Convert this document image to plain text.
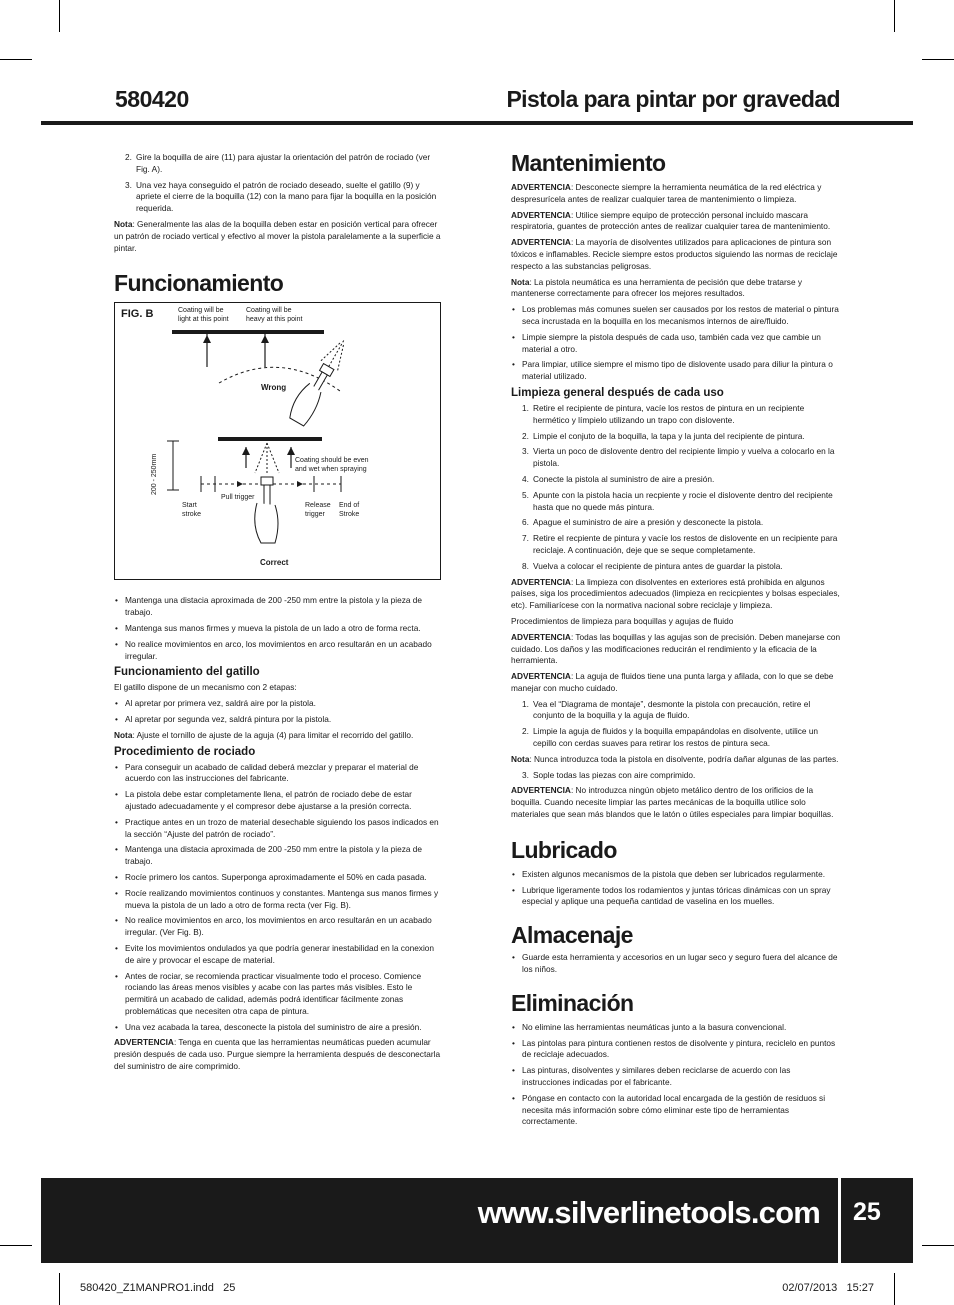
580420	Pistola para pintar por gravedad
2. Gire la boquilla de aire (11) para ajustar la orientación del patrón de rociado (ver Fig. A).
3. Una vez haya conseguido el patrón de rociado deseado, suelte el gatillo (9) y apriete el cierre de la boquilla (12) con la mano para fijar la boquilla en la posición requerida.

Nota: Generalmente las alas de la boquilla deben estar en posición vertical para ofrecer un patrón de rociado vertical y efectivo al mover la pistola paralelamente a la superficie a pintar.

Funcionamiento
Wrong
200 - 250mm
Pull trigger
Correct
FIG. B	Coating will be
light at this point
Coating will be
heavy at this point
Coating should be even
and wet when spraying
Start
stroke
Release
trigger
End of
Stroke
• Mantenga una distacia aproximada de 200 -250 mm entre la pistola y la pieza de trabajo.
• Mantenga sus manos firmes y mueva la pistola de un lado a otro de forma recta.
• No realice movimientos en arco, los movimientos en arco resultarán en un acabado irregular.
Funcionamiento del gatillo

El gatillo dispone de un mecanismo con 2 etapas:

• Al apretar por primera vez, saldrá aire por la pistola.
• Al apretar por segunda vez, saldrá pintura por la pistola.

Nota: Ajuste el tornillo de ajuste de la aguja (4) para limitar el recorrido del gatillo.

Procedimiento de rociado
• Para conseguir un acabado de calidad deberá mezclar y preparar el material de acuerdo con las instrucciones del fabricante.
• La pistola debe estar completamente llena, el patrón de rociado debe de estar ajustado adecuadamente y el compresor debe ajustarse a la presión correcta.
• Practique antes en un trozo de material desechable siguiendo los pasos indicados en la sección “Ajuste del patrón de rociado”.
• Mantenga una distacia aproximada de 200 -250 mm entre la pistola y la pieza de trabajo.
• Rocíe primero los cantos. Superponga aproximadamente el 50% en cada pasada.
• Rocíe realizando movimientos continuos y constantes. Mantenga sus manos firmes y mueva la pistola de un lado a otro de forma recta (ver Fig. B).
• No realice movimientos en arco, los movimientos en arco resultarán en un acabado irregular. (Ver Fig. B).
• Evite los movimientos ondulados ya que podría generar inestabilidad en la conexion de aire y provocar el escape de material.
• Antes de rociar, se recomienda practicar visualmente todo el proceso. Comience rociando las áreas menos visibles y acabe con las partes más visibles. Esto le permitirá un acabado de calidad, además podrá identificar fácilmente zonas problemáticas que necesiten otra capa de pintura.
• Una vez acabada la tarea, desconecte la pistola del suministro de aire a presión.

ADVERTENCIA: Tenga en cuenta que las herramientas neumáticas pueden acumular presión después de cada uso. Purgue siempre la herramienta después de desconectarla del suministro de aire comprimido.

Mantenimiento

ADVERTENCIA: Desconecte siempre la herramienta neumática de la red eléctrica y despresurícela antes de realizar cualquier tarea de mantenimiento o limpieza.

ADVERTENCIA: Utilice siempre equipo de protección personal incluido mascara respiratoria, guantes de protección antes de realizar cualquier tarea de mantenimiento.

ADVERTENCIA: La mayoría de disolventes utilizados para aplicaciones de pintura son tóxicos e inflamables. Recicle siempre estos productos siguiendo las normas de reciclaje respecto a las substancias peligrosas.

Nota: La pistola neumática es una herramienta de pecisión que debe tratarse y mantenerse correctamente para ofrecer los mejores resultados.

• Los problemas más comunes suelen ser causados por los restos de material o pintura seca incrustada en la boquilla en los mecanismos internos de aire/fluido.
• Limpie siempre la pistola después de cada uso, también cada vez que cambie un material a otro.
• Para limpiar, utilice siempre el mismo tipo de dislovente usado para diliur la pintura o material utilizado.
Limpieza general después de cada uso
1. Retire el recipiente de pintura, vacíe los restos de pintura en un recipiente hermético y límpielo utilizando un trapo con dislovente.
2. Limpie el conjuto de la boquilla, la tapa y la junta del recipiente de pintura.
3. Vierta un poco de dislovente dentro del recipiente limpio y vuelva a colocarlo en la pistola.
4. Conecte la pistola al suministro de aire a presión.
5. Apunte con la pistola hacia un recpiente y rocie el dislovente dentro del recipiente hasta que no quede más pintura.
6. Apague el suministro de aire a presión y desconecte la pistola.
7. Retire el recpiente de pintura y vacíe los restos de dislovente en un recipiente para reciclaje. A continuación, deje que se seque completamente.
8. Vuelva a colocar el recipiente de pintura antes de guardar la pistola.

ADVERTENCIA: La limpieza con disolventes en exteriores está prohibida en algunos países, siga los procedimientos adecuados (limpieza en recicpientes y bolsas especiales, etc). Familiarícese con la normativa nacional sobre reciclaje y limpieza.

Procedimientos de limpieza para boquillas y agujas de fluido

ADVERTENCIA: Todas las boquillas y las agujas son de precisión. Deben manejarse con cuidado. Los daños y las modificaciones reducirán el rendimiento y la eficacia de la herramienta.

ADVERTENCIA: La aguja de fluidos tiene una punta larga y afilada, con lo que se debe manejar con mucho cuidado.

1. Vea el “Diagrama de montaje”, desmonte la pistola con precaución, retire el conjunto de la boquilla y la aguja de fluido.
2. Limpie la aguja de fluidos y la boquilla empapándolas en disolvente, utilice un cepillo con cerdas suaves para retirar los restos de pintura seca.

Nota: Nunca introduzca toda la pistola en disolvente, podría dañar algunas de las partes.

3. Sople todas las piezas con aire comprimido.

ADVERTENCIA: No introduzca ningún objeto metálico dentro de los orificios de la boquilla. Cuando necesite limpiar las partes mecánicas de la boquilla utilice solo materiales que sean más blandos que le latón o útiles especiales para limpiar boquillas.

Lubricado
• Existen algunos mecanismos de la pistola que deben ser lubricados regularmente.
• Lubrique ligeramente todos los rodamientos y juntas tóricas dinámicas con un spray especial y aplique una pequeña cantidad de vaselina en los muelles.
Almacenaje
• Guarde esta herramienta y accesorios en un lugar seco y seguro fuera del alcance de los niños.
Eliminación
• No elimine las herramientas neumáticas junto a la basura convencional.
• Las pintolas para pintura contienen restos de disolvente y pintura, reciclelo en puntos de reciclaje adecuados.
• Las pinturas, disolventes y similares deben reciclarse de acuerdo con las instrucciones indicadas por el fabricante.
• Póngase en contacto con la autoridad local encargada de la gestión de residuos si necesita más información sobre cómo eliminar este tipo de herramientas correctamente.
www.silverlinetools.com 25
580420_Z1MANPRO1.indd   25	02/07/2013   15:27
